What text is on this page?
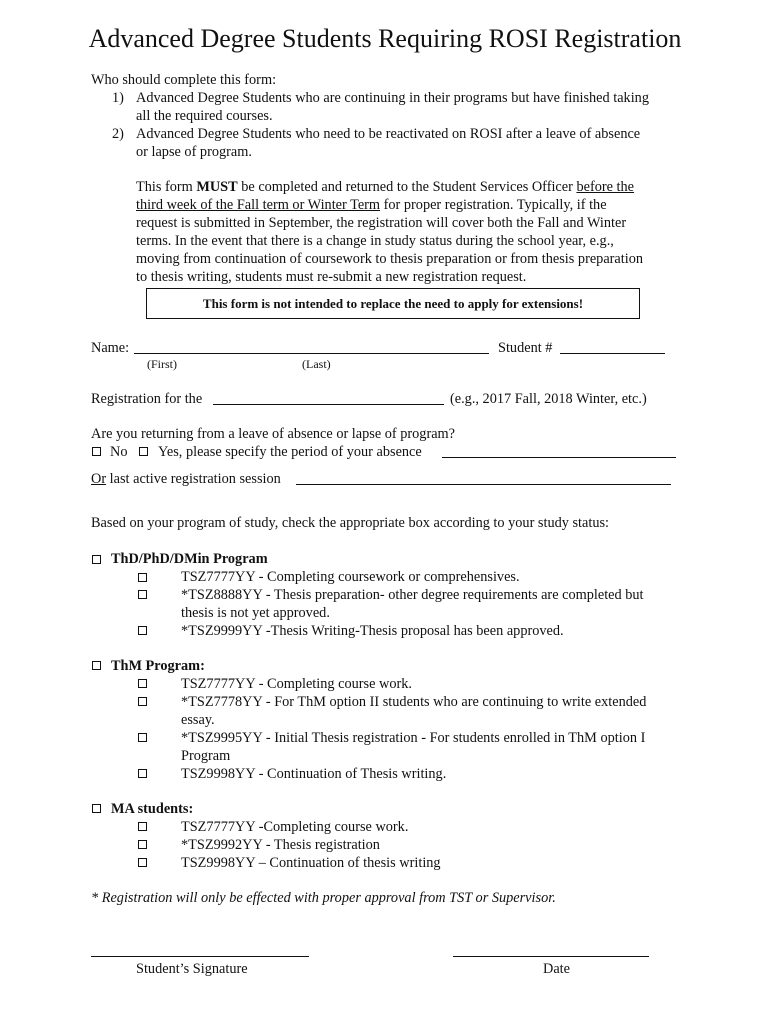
Advanced Degree Students Requiring ROSI Registration
Who should complete this form:
1) Advanced Degree Students who are continuing in their programs but have finished taking
all the required courses.
2) Advanced Degree Students who need to be reactivated on ROSI after a leave of absence
or lapse of program.
This form MUST be completed and returned to the Student Services Officer before the
third week of the Fall term or Winter Term for proper registration. Typically, if the
request is submitted in September, the registration will cover both the Fall and Winter
terms. In the event that there is a change in study status during the school year, e.g.,
moving from continuation of coursework to thesis preparation or from thesis preparation
to thesis writing, students must re-submit a new registration request.
This form is not intended to replace the need to apply for extensions!
Name:	Student #
(First)	(Last)
Registration for the	(e.g., 2017 Fall, 2018 Winter, etc.)
Are you returning from a leave of absence or lapse of program?
No Yes, please specify the period of your absence
Or last active registration session
Based on your program of study, check the appropriate box according to your study status:
ThD/PhD/DMin Program
TSZ7777YY - Completing coursework or comprehensives.
*TSZ8888YY - Thesis preparation- other degree requirements are completed but
thesis is not yet approved.
*TSZ9999YY -Thesis Writing-Thesis proposal has been approved.
ThM Program:
TSZ7777YY - Completing course work.
*TSZ7778YY - For ThM option II students who are continuing to write extended
essay.
*TSZ9995YY - Initial Thesis registration - For students enrolled in ThM option I
Program
TSZ9998YY - Continuation of Thesis writing.
MA students:
TSZ7777YY -Completing course work.
*TSZ9992YY - Thesis registration
TSZ9998YY – Continuation of thesis writing
* Registration will only be effected with proper approval from TST or Supervisor.
Student’s Signature	Date
